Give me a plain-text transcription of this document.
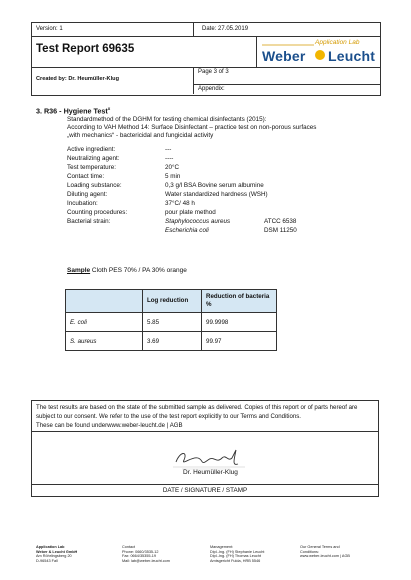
Version: 1	Date: 27.05.2019
Test Report 69635
Application Lab
Weber Leucht
Created by: Dr. Heumüller-Klug
Page 3 of 3
Appendix:
3. R36 - Hygiene Test$^x$
Standardmethod of the DGHM for testing chemical disinfectants (2015):
According to VAH Method 14: Surface Disinfectant – practice test on non-porous surfaces
„with mechanics“ - bactericidal and fungicidal activity
Active ingredient:	---
Neutralizing agent:	----
Test temperature:	20°C
Contact time:	5 min
Loading substance:	0,3 g/l BSA Bovine serum albumine
Diluting agent:	Water standardized hardness (WSH)
Incubation:	37°C/ 48 h
Counting procedures:	pour plate method
Bacterial strain:	Staphylococcus aureus	ATCC 6538
Escherichia coli	DSM 11250
Sample Cloth PES 70% / PA 30% orange
	Log reduction	Reduction of bacteria %
E. coli	5.85	99.9998
S. aureus	3.69	99.97
The test results are based on the state of the submitted sample as delivered. Copies of this report or of parts hereof are subject to our consent. We refer to the use of the test report explicitly to our Terms and Conditions.
These can be found underwww.weber-leucht.de | AGB
Dr. Heumüller-Klug
DATE / SIGNATURE / STAMP
Application Lab
Weber & Leucht GmbH
Am Röhrlingsberg 20
D-96543 Fall
Contact
Phone: 0660/3535-12
Fax: 0664/35355-19
Mail: lab@weber-leucht.com
Management:
Dipl.-Ing. (FH) Stephanie Leucht
Dipl.-Ing. (FH) Thomas Leucht
Amtsgericht Fulda, HRB 5546
Our General Terms and
Conditions:
www.weber-leucht.com | AGB
